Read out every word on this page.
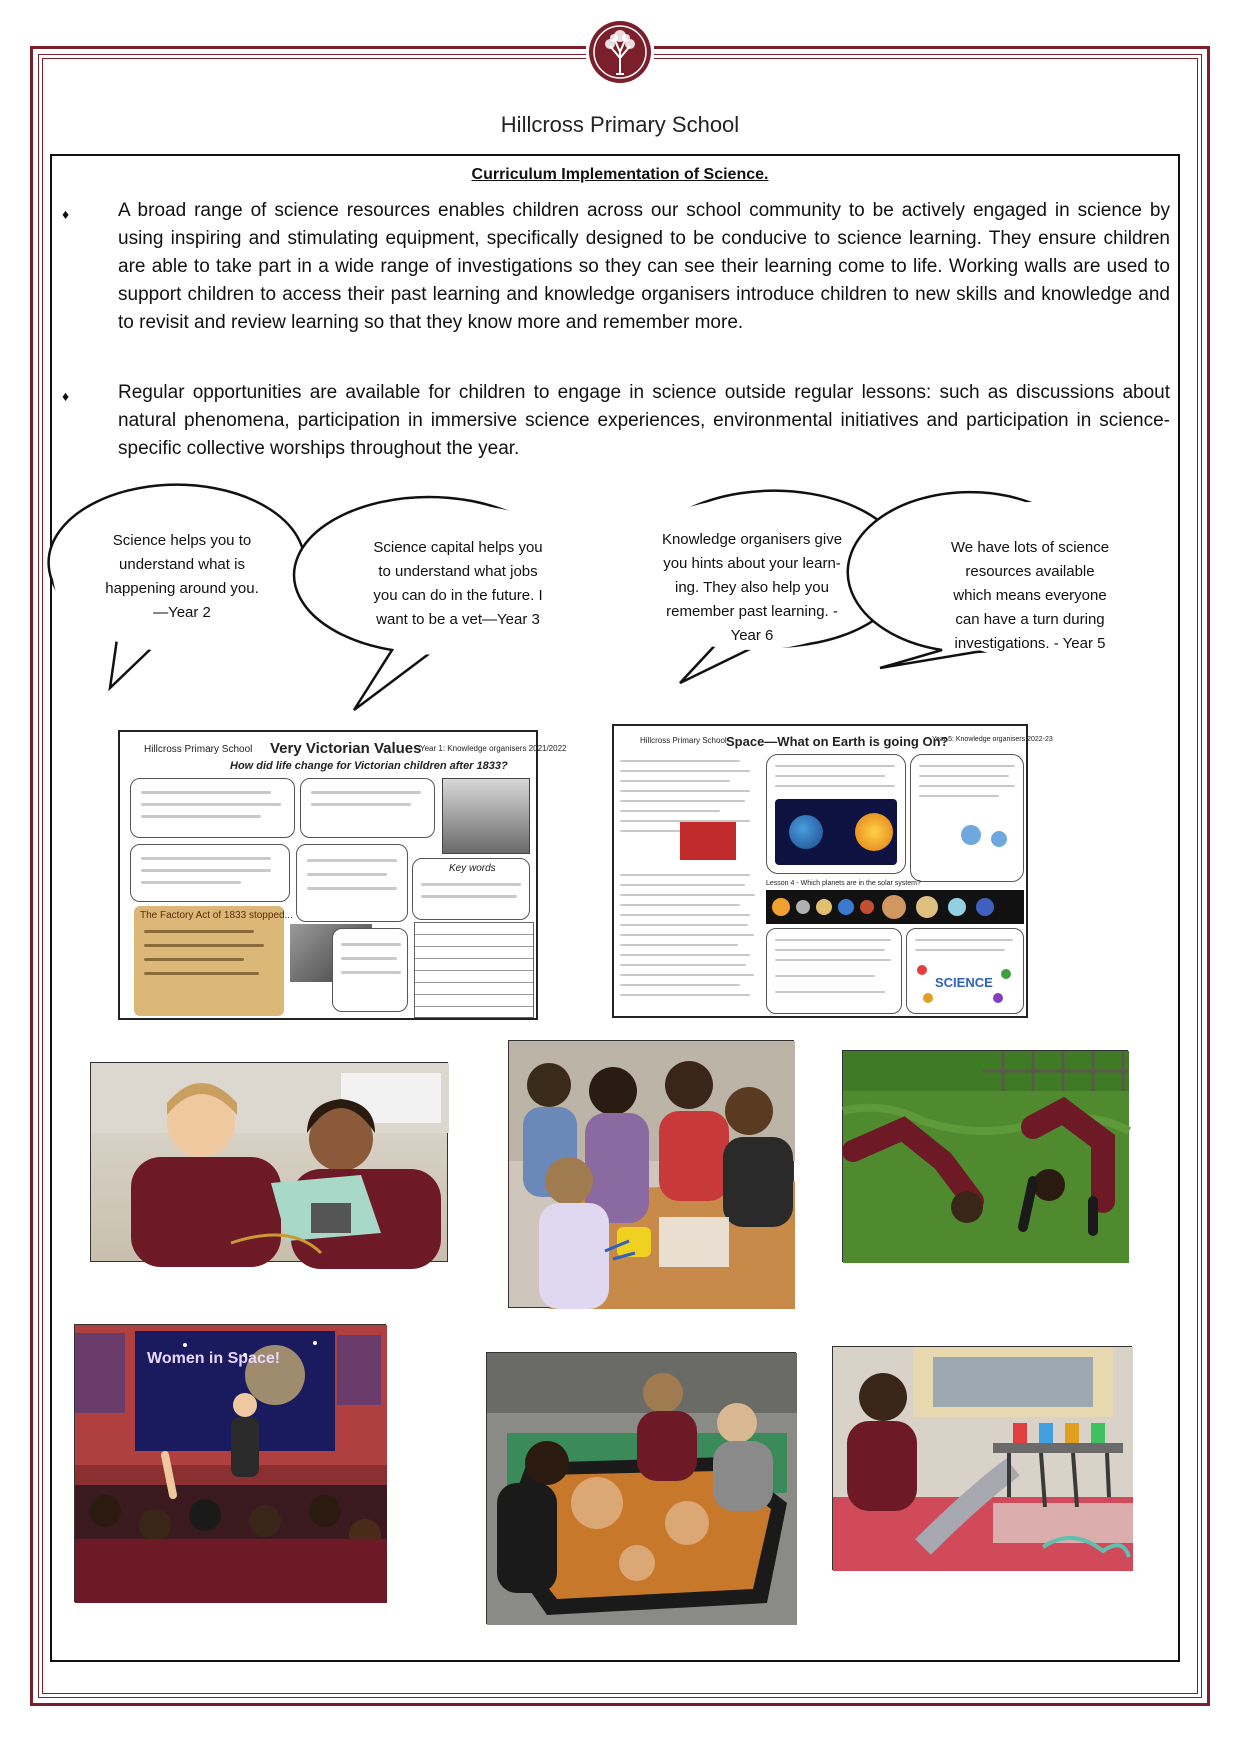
Hillcross Primary School
Curriculum Implementation of Science.
♦	A broad range of science resources enables children across our school community to be actively engaged in science by using inspiring and stimulating equipment, specifically designed to be conducive to science learning. They ensure children are able to take part in a wide range of investigations so they can see their learning come to life. Working walls are used to support children to access their past learning and knowledge organisers introduce children to new skills and knowledge and to revisit and review learning so that they know more and remember more.

♦	Regular opportunities are available for children to engage in science outside regular lessons: such as discussions about natural phenomena, participation in immersive science experiences, environmental initiatives and participation in science-specific collective worships throughout the year.

Science helps you to
understand what is
happening around you.
—Year 2
Science capital helps you
to understand what jobs
you can do in the future. I
want to be a vet—Year 3
Knowledge organisers give
you hints about your learn-
ing. They also help you
remember past learning. -
Year 6
We have lots of science
resources available
which means everyone
can have a turn during
investigations. - Year 5
Hillcross Primary School Very Victorian Values
Year 1: Knowledge organisers 2021/2022
How did life change for Victorian children after 1833?
Key words
The Factory Act of 1833 stopped...
Hillcross Primary School Space—What on Earth is going On?
Year 5: Knowledge organisers 2022-23
Lesson 4 - Which planets are in the solar system?
SCIENCE
Women in Space!
